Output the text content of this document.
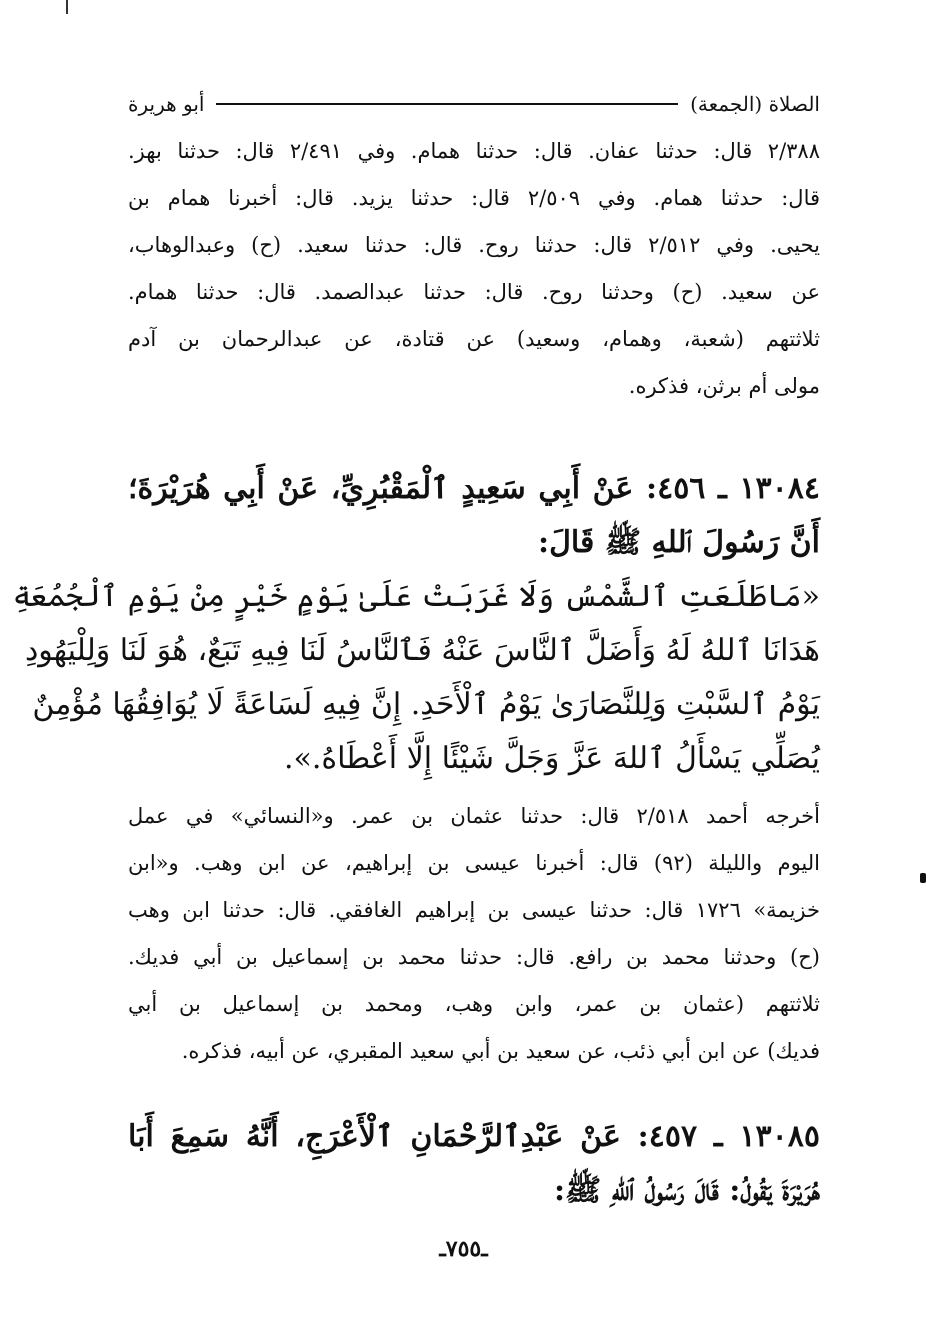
الصلاة (الجمعة)
أبو هريرة
٢/٣٨٨ قال: حدثنا عفان. قال: حدثنا همام. وفي ٢/٤٩١ قال: حدثنا بهز.
قال: حدثنا همام. وفي ٢/٥٠٩ قال: حدثنا يزيد. قال: أخبرنا همام بن
يحيى. وفي ٢/٥١٢ قال: حدثنا روح. قال: حدثنا سعيد. (ح) وعبدالوهاب،
عن سعيد. (ح) وحدثنا روح. قال: حدثنا عبدالصمد. قال: حدثنا همام.
ثلاثتهم (شعبة، وهمام، وسعيد) عن قتادة، عن عبدالرحمان بن آدم
مولى أم برثن، فذكره.
١٣٠٨٤ ـ ٤٥٦: عَنْ أَبِي سَعِيدٍ ٱلْمَقْبُرِيِّ، عَنْ أَبِي هُرَيْرَةَ؛
أَنَّ رَسُولَ ٱللهِ ﷺ قَالَ:
«مَاطَلَعَتِ ٱلشَّمْسُ وَلَا غَرَبَتْ عَلَىٰ يَوْمٍ خَيْرٍ مِنْ يَوْمِ ٱلْجُمُعَةِ
هَدَانَا ٱللهُ لَهُ وَأَضَلَّ ٱلنَّاسَ عَنْهُ فَٱلنَّاسُ لَنَا فِيهِ تَبَعٌ، هُوَ لَنَا وَلِلْيَهُودِ
يَوْمُ ٱلسَّبْتِ وَلِلنَّصَارَىٰ يَوْمُ ٱلْأَحَدِ. إِنَّ فِيهِ لَسَاعَةً لَا يُوَافِقُهَا مُؤْمِنٌ
يُصَلِّي يَسْأَلُ ٱللهَ عَزَّ وَجَلَّ شَيْئًا إِلَّا أَعْطَاهُ.».
أخرجه أحمد ٢/٥١٨ قال: حدثنا عثمان بن عمر. و«النسائي» في عمل
اليوم والليلة (٩٢) قال: أخبرنا عيسى بن إبراهيم، عن ابن وهب. و«ابن
خزيمة» ١٧٢٦ قال: حدثنا عيسى بن إبراهيم الغافقي. قال: حدثنا ابن وهب
(ح) وحدثنا محمد بن رافع. قال: حدثنا محمد بن إسماعيل بن أبي فديك.
ثلاثتهم (عثمان بن عمر، وابن وهب، ومحمد بن إسماعيل بن أبي
فديك) عن ابن أبي ذئب، عن سعيد بن أبي سعيد المقبري، عن أبيه، فذكره.
١٣٠٨٥ ـ ٤٥٧: عَنْ عَبْدِٱلرَّحْمَانِ ٱلْأَعْرَجِ، أَنَّهُ سَمِعَ أَبَا
هُرَيْرَةَ يَقُولُ: قَالَ رَسُولُ ٱللهِ ﷺ:
ـ٧٥٥ـ
